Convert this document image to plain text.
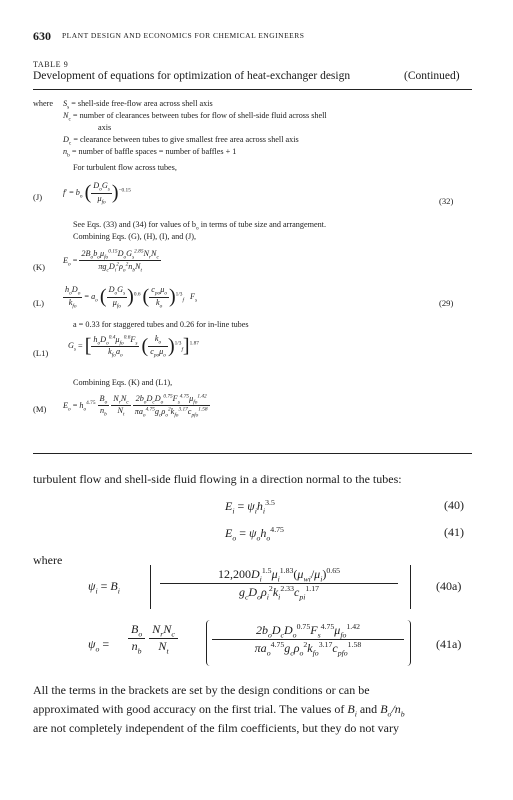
630 PLANT DESIGN AND ECONOMICS FOR CHEMICAL ENGINEERS
TABLE 9
Development of equations for optimization of heat-exchanger design	(Continued)
where $S_s$ = shell-side free-flow area across shell axis
$N_c$ = number of clearances between tubes for flow of shell-side fluid across shell
axis
$D_c$ = clearance between tubes to give smallest free area across shell axis
$n_b$ = number of baffle spaces = number of baffles + 1
For turbulent flow across tubes,
(J)	$f' = b_o$ ( $\frac{D_oG_s}{\mu_{fo}} )^{-0.15}$
(32)
See Eqs. (33) and (34) for values of $b_o$ in terms of tube size and arrangement.
Combining Eqs. (G), (H), (I), and (J),
(K)
$E_o = \frac{2B_ob_o\mu_{fo}^{0.15}D_oG_s^{2.85}N_rN_c}{\pi g_cD_i^2\rho_o^2n_bN_t}$
$(L) \frac{h_oD_o}{k_{fo}} = a_o$ ( $\frac{D_oG_s}{\mu_{fo}} )^{0.6}$ ( $\frac{c_{po}\mu_o}{k_o} )^{1/3}_f$ $F_s$	(29)
a = 0.33 for staggered tubes and 0.26 for in-line tubes
(L1)
$G_s$ = [ $\frac{h_oD_o^{0.4}\mu_{fo}^{0.6}F_s}{k_{fo}a_o}$ ( $\frac{k_o}{c_{po}\mu_o} )^{1/3}_f]^{1.87}$
Combining Eqs. (K) and (L1),
(M) $E_o = h_o^{4.75} \frac{B_o}{n_b}$
$\frac{N_rN_c}{N_t}$
$\frac{2b_oD_cD_o^{0.75}F_s^{4.75}\mu_{fo}^{1.42}}{\pi a_o^{4.75}g_c\rho_o^2k_{fo}^{3.17}c_{pfo}^{1.58}}$
turbulent flow and shell-side fluid flowing in a direction normal to the tubes:
$E_i = \psi_ih_i^{3.5}$	(40)
$E_o = \psi_oh_o^{4.75}$	(41)
where
$\psi_i = B_i$	$\frac{12,200D_i^{1.5}\mu_i^{1.83}(\mu_{wi}/\mu_i)^{0.65}}{g_cD_o\rho_i^2k_i^{2.33}c_{pi}^{1.17}}$	(40a)
$\psi_o = \frac{B_o}{n_b}$
$\frac{N_rN_c}{N_t}$	$\frac{2b_oD_cD_o^{0.75}F_s^{4.75}\mu_{fo}^{1.42}}{\pi a_o^{4.75}g_c\rho_o^2k_{fo}^{3.17}c_{pfo}^{1.58}}$	(41a)
All the terms in the brackets are set by the design conditions or can be
approximated with good accuracy on the first trial. The values of $B_i$ and $B_o/n_b$
are not completely independent of the film coefficients, but they do not vary
